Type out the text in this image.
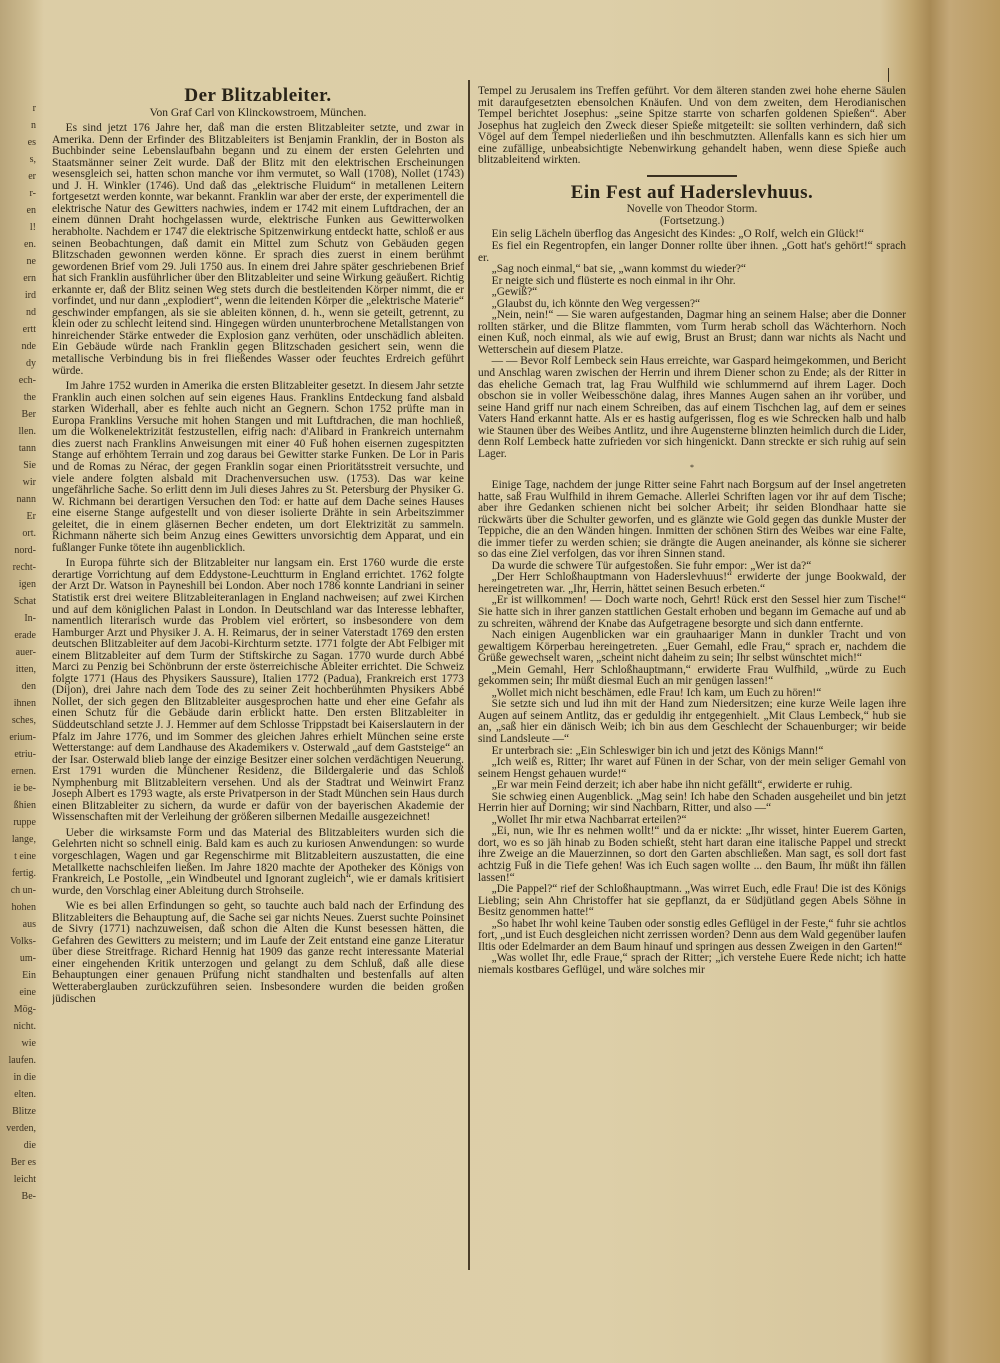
r
n
es
s,
er
r-
en
l!
en.
ne
ern
ird
nd
ertt
nde
dy
ech-
the
Ber
llen.
tann
Sie
wir
nann
Er
ort.
nord-
recht-
igen
Schat
In-
erade
auer-
itten,
den
ihnen
sches,
erium-
etriu-
ernen.
ie be-
ßhien
ruppe
lange,
t eine
fertig.
ch un-
hohen
aus
Volks-
um-
Ein
eine
Mög-
nicht.
wie
laufen.
in die
elten.
Blitze
verden,
die
Ber es
leicht
Be-
Der Blitzableiter.

Von Graf Carl von Klinckowstroem, München.

Es sind jetzt 176 Jahre her, daß man die ersten Blitzableiter setzte, und zwar in Amerika. Denn der Erfinder des Blitzableiters ist Benjamin Franklin, der in Boston als Buchbinder seine Lebenslaufbahn begann und zu einem der ersten Gelehrten und Staatsmänner seiner Zeit wurde. Daß der Blitz mit den elektrischen Erscheinungen wesensgleich sei, hatten schon manche vor ihm vermutet, so Wall (1708), Nollet (1743) und J. H. Winkler (1746). Und daß das „elektrische Fluidum“ in metallenen Leitern fortgesetzt werden konnte, war bekannt. Franklin war aber der erste, der experimentell die elektrische Natur des Gewitters nachwies, indem er 1742 mit einem Luftdrachen, der an einem dünnen Draht hochgelassen wurde, elektrische Funken aus Gewitterwolken herabholte. Nachdem er 1747 die elektrische Spitzenwirkung entdeckt hatte, schloß er aus seinen Beobachtungen, daß damit ein Mittel zum Schutz von Gebäuden gegen Blitzschaden gewonnen werden könne. Er sprach dies zuerst in einem berühmt gewordenen Brief vom 29. Juli 1750 aus. In einem drei Jahre später geschriebenen Brief hat sich Franklin ausführlicher über den Blitzableiter und seine Wirkung geäußert. Richtig erkannte er, daß der Blitz seinen Weg stets durch die bestleitenden Körper nimmt, die er vorfindet, und nur dann „explodiert“, wenn die leitenden Körper die „elektrische Materie“ geschwinder empfangen, als sie sie ableiten können, d. h., wenn sie geteilt, getrennt, zu klein oder zu schlecht leitend sind. Hingegen würden ununterbrochene Metallstangen von hinreichender Stärke entweder die Explosion ganz verhüten, oder unschädlich ableiten. Ein Gebäude würde nach Franklin gegen Blitzschaden gesichert sein, wenn die metallische Verbindung bis in frei fließendes Wasser oder feuchtes Erdreich geführt würde.

Im Jahre 1752 wurden in Amerika die ersten Blitzableiter gesetzt. In diesem Jahr setzte Franklin auch einen solchen auf sein eigenes Haus. Franklins Entdeckung fand alsbald starken Widerhall, aber es fehlte auch nicht an Gegnern. Schon 1752 prüfte man in Europa Franklins Versuche mit hohen Stangen und mit Luftdrachen, die man hochließ, um die Wolkenelektrizität festzustellen, eifrig nach: d'Alibard in Frankreich unternahm dies zuerst nach Franklins Anweisungen mit einer 40 Fuß hohen eisernen zugespitzten Stange auf erhöhtem Terrain und zog daraus bei Gewitter starke Funken. De Lor in Paris und de Romas zu Nérac, der gegen Franklin sogar einen Prioritätsstreit versuchte, und viele andere folgten alsbald mit Drachenversuchen usw. (1753). Das war keine ungefährliche Sache. So erlitt denn im Juli dieses Jahres zu St. Petersburg der Physiker G. W. Richmann bei derartigen Versuchen den Tod: er hatte auf dem Dache seines Hauses eine eiserne Stange aufgestellt und von dieser isolierte Drähte in sein Arbeitszimmer geleitet, die in einem gläsernen Becher endeten, um dort Elektrizität zu sammeln. Richmann näherte sich beim Anzug eines Gewitters unvorsichtig dem Apparat, und ein fußlanger Funke tötete ihn augenblicklich.

In Europa führte sich der Blitzableiter nur langsam ein. Erst 1760 wurde die erste derartige Vorrichtung auf dem Eddystone-Leuchtturm in England errichtet. 1762 folgte der Arzt Dr. Watson in Payneshill bei London. Aber noch 1786 konnte Landriani in seiner Statistik erst drei weitere Blitzableiteranlagen in England nachweisen; auf zwei Kirchen und auf dem königlichen Palast in London. In Deutschland war das Interesse lebhafter, namentlich literarisch wurde das Problem viel erörtert, so insbesondere von dem Hamburger Arzt und Physiker J. A. H. Reimarus, der in seiner Vaterstadt 1769 den ersten deutschen Blitzableiter auf dem Jacobi-Kirchturm setzte. 1771 folgte der Abt Felbiger mit einem Blitzableiter auf dem Turm der Stiftskirche zu Sagan. 1770 wurde durch Abbé Marci zu Penzig bei Schönbrunn der erste österreichische Ableiter errichtet. Die Schweiz folgte 1771 (Haus des Physikers Saussure), Italien 1772 (Padua), Frankreich erst 1773 (Dijon), drei Jahre nach dem Tode des zu seiner Zeit hochberühmten Physikers Abbé Nollet, der sich gegen den Blitzableiter ausgesprochen hatte und eher eine Gefahr als einen Schutz für die Gebäude darin erblickt hatte. Den ersten Blitzableiter in Süddeutschland setzte J. J. Hemmer auf dem Schlosse Trippstadt bei Kaiserslautern in der Pfalz im Jahre 1776, und im Sommer des gleichen Jahres erhielt München seine erste Wetterstange: auf dem Landhause des Akademikers v. Osterwald „auf dem Gaststeige“ an der Isar. Osterwald blieb lange der einzige Besitzer einer solchen verdächtigen Neuerung. Erst 1791 wurden die Münchener Residenz, die Bildergalerie und das Schloß Nymphenburg mit Blitzableitern versehen. Und als der Stadtrat und Weinwirt Franz Joseph Albert es 1793 wagte, als erste Privatperson in der Stadt München sein Haus durch einen Blitzableiter zu sichern, da wurde er dafür von der bayerischen Akademie der Wissenschaften mit der Verleihung der größeren silbernen Medaille ausgezeichnet!

Ueber die wirksamste Form und das Material des Blitzableiters wurden sich die Gelehrten nicht so schnell einig. Bald kam es auch zu kuriosen Anwendungen: so wurde vorgeschlagen, Wagen und gar Regenschirme mit Blitzableitern auszustatten, die eine Metallkette nachschleifen ließen. Im Jahre 1820 machte der Apotheker des Königs von Frankreich, Le Postolle, „ein Windbeutel und Ignorant zugleich“, wie er damals kritisiert wurde, den Vorschlag einer Ableitung durch Strohseile.

Wie es bei allen Erfindungen so geht, so tauchte auch bald nach der Erfindung des Blitzableiters die Behauptung auf, die Sache sei gar nichts Neues. Zuerst suchte Poinsinet de Sivry (1771) nachzuweisen, daß schon die Alten die Kunst besessen hätten, die Gefahren des Gewitters zu meistern; und im Laufe der Zeit entstand eine ganze Literatur über diese Streitfrage. Richard Hennig hat 1909 das ganze recht interessante Material einer eingehenden Kritik unterzogen und gelangt zu dem Schluß, daß alle diese Behauptungen einer genauen Prüfung nicht standhalten und bestenfalls auf alten Wetteraberglauben zurückzuführen seien. Insbesondere wurden die beiden großen jüdischen

Tempel zu Jerusalem ins Treffen geführt. Vor dem älteren standen zwei hohe eherne Säulen mit daraufgesetzten ebensolchen Knäufen. Und von dem zweiten, dem Herodianischen Tempel berichtet Josephus: „seine Spitze starrte von scharfen goldenen Spießen“. Aber Josephus hat zugleich den Zweck dieser Spieße mitgeteilt: sie sollten verhindern, daß sich Vögel auf dem Tempel niederließen und ihn beschmutzten. Allenfalls kann es sich hier um eine zufällige, unbeabsichtigte Nebenwirkung gehandelt haben, wenn diese Spieße auch blitzableitend wirkten.

Ein Fest auf Haderslevhuus.

Novelle von Theodor Storm.

(Fortsetzung.)

Ein selig Lächeln überflog das Angesicht des Kindes: „O Rolf, welch ein Glück!“

Es fiel ein Regentropfen, ein langer Donner rollte über ihnen. „Gott hat's gehört!“ sprach er.

„Sag noch einmal,“ bat sie, „wann kommst du wieder?“

Er neigte sich und flüsterte es noch einmal in ihr Ohr.

„Gewiß?“

„Glaubst du, ich könnte den Weg vergessen?“

„Nein, nein!“ — Sie waren aufgestanden, Dagmar hing an seinem Halse; aber die Donner rollten stärker, und die Blitze flammten, vom Turm herab scholl das Wächterhorn. Noch einen Kuß, noch einmal, als wie auf ewig, Brust an Brust; dann war nichts als Nacht und Wetterschein auf diesem Platze.

— — Bevor Rolf Lembeck sein Haus erreichte, war Gaspard heimgekommen, und Bericht und Anschlag waren zwischen der Herrin und ihrem Diener schon zu Ende; als der Ritter in das eheliche Gemach trat, lag Frau Wulfhild wie schlummernd auf ihrem Lager. Doch obschon sie in voller Weibesschöne dalag, ihres Mannes Augen sahen an ihr vorüber, und seine Hand griff nur nach einem Schreiben, das auf einem Tischchen lag, auf dem er seines Vaters Hand erkannt hatte. Als er es hastig aufgerissen, flog es wie Schrecken halb und halb wie Staunen über des Weibes Antlitz, und ihre Augensterne blinzten heimlich durch die Lider, denn Rolf Lembeck hatte zufrieden vor sich hingenickt. Dann streckte er sich ruhig auf sein Lager.

*

Einige Tage, nachdem der junge Ritter seine Fahrt nach Borgsum auf der Insel angetreten hatte, saß Frau Wulfhild in ihrem Gemache. Allerlei Schriften lagen vor ihr auf dem Tische; aber ihre Gedanken schienen nicht bei solcher Arbeit; ihr seiden Blondhaar hatte sie rückwärts über die Schulter geworfen, und es glänzte wie Gold gegen das dunkle Muster der Teppiche, die an den Wänden hingen. Inmitten der schönen Stirn des Weibes war eine Falte, die immer tiefer zu werden schien; sie drängte die Augen aneinander, als könne sie sicherer so das eine Ziel verfolgen, das vor ihren Sinnen stand.

Da wurde die schwere Tür aufgestoßen. Sie fuhr empor: „Wer ist da?“

„Der Herr Schloßhauptmann von Haderslevhuus!“ erwiderte der junge Bookwald, der hereingetreten war. „Ihr, Herrin, hättet seinen Besuch erbeten.“

„Er ist willkommen! — Doch warte noch, Gehrt! Rück erst den Sessel hier zum Tische!“ Sie hatte sich in ihrer ganzen stattlichen Gestalt erhoben und begann im Gemache auf und ab zu schreiten, während der Knabe das Aufgetragene besorgte und sich dann entfernte.

Nach einigen Augenblicken war ein grauhaariger Mann in dunkler Tracht und von gewaltigem Körperbau hereingetreten. „Euer Gemahl, edle Frau,“ sprach er, nachdem die Grüße gewechselt waren, „scheint nicht daheim zu sein; Ihr selbst wünschtet mich!“

„Mein Gemahl, Herr Schloßhauptmann,“ erwiderte Frau Wulfhild, „würde zu Euch gekommen sein; Ihr müßt diesmal Euch an mir genügen lassen!“

„Wollet mich nicht beschämen, edle Frau! Ich kam, um Euch zu hören!“

Sie setzte sich und lud ihn mit der Hand zum Niedersitzen; eine kurze Weile lagen ihre Augen auf seinem Antlitz, das er geduldig ihr entgegenhielt. „Mit Claus Lembeck,“ hub sie an, „saß hier ein dänisch Weib; ich bin aus dem Geschlecht der Schauenburger; wir beide sind Landsleute —“

Er unterbrach sie: „Ein Schleswiger bin ich und jetzt des Königs Mann!“

„Ich weiß es, Ritter; Ihr waret auf Fünen in der Schar, von der mein seliger Gemahl von seinem Hengst gehauen wurde!“

„Er war mein Feind derzeit; ich aber habe ihn nicht gefällt“, erwiderte er ruhig.

Sie schwieg einen Augenblick. „Mag sein! Ich habe den Schaden ausgeheilet und bin jetzt Herrin hier auf Dorning; wir sind Nachbarn, Ritter, und also —“

„Wollet Ihr mir etwa Nachbarrat erteilen?“

„Ei, nun, wie Ihr es nehmen wollt!“ und da er nickte: „Ihr wisset, hinter Euerem Garten, dort, wo es so jäh hinab zu Boden schießt, steht hart daran eine italische Pappel und streckt ihre Zweige an die Mauerzinnen, so dort den Garten abschließen. Man sagt, es soll dort fast achtzig Fuß in die Tiefe gehen! Was ich Euch sagen wollte ... den Baum, Ihr müßt ihn fällen lassen!“

„Die Pappel?“ rief der Schloßhauptmann. „Was wirret Euch, edle Frau! Die ist des Königs Liebling; sein Ahn Christoffer hat sie gepflanzt, da er Südjütland gegen Abels Söhne in Besitz genommen hatte!“

„So habet Ihr wohl keine Tauben oder sonstig edles Geflügel in der Feste,“ fuhr sie achtlos fort, „und ist Euch desgleichen nicht zerrissen worden? Denn aus dem Wald gegenüber laufen Iltis oder Edelmarder an dem Baum hinauf und springen aus dessen Zweigen in den Garten!“

„Was wollet Ihr, edle Fraue,“ sprach der Ritter; „ich verstehe Euere Rede nicht; ich hatte niemals kostbares Geflügel, und wäre solches mir
